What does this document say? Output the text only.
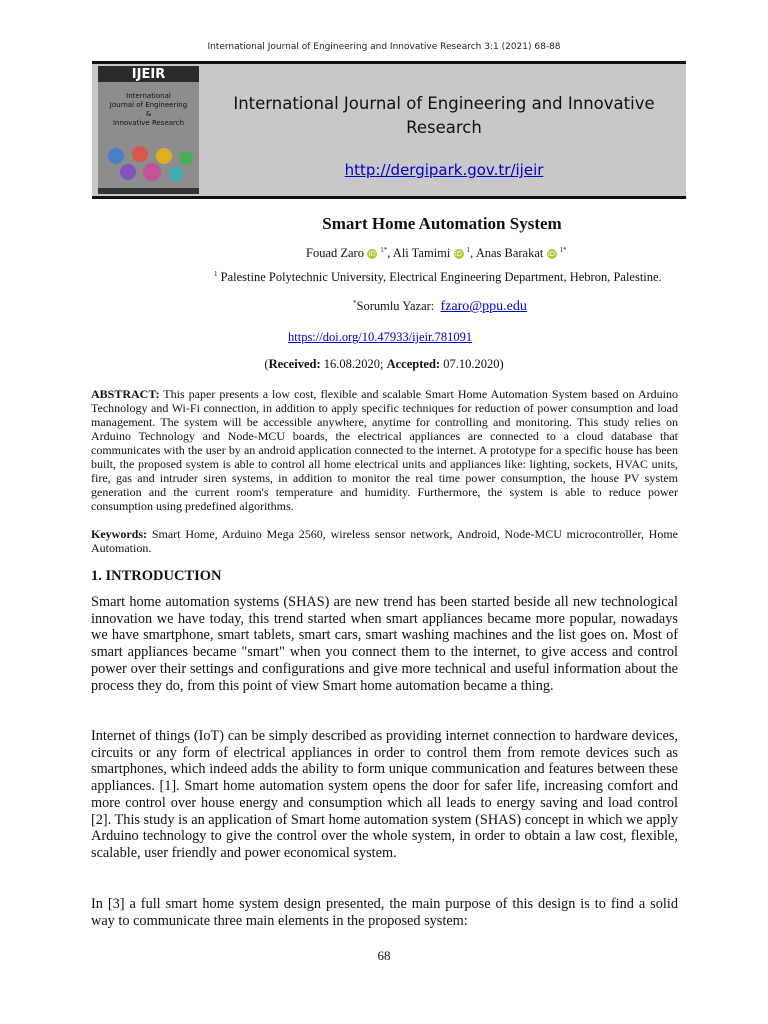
International Journal of Engineering and Innovative Research 3:1 (2021) 68-88
IJEIR
International
Journal of Engineering
&
Innovative Research
International Journal of Engineering and Innovative Research
http://dergipark.gov.tr/ijeir
Smart Home Automation System
Fouad Zaro iD $^{1*}$, Ali Tamimi iD $^1$, Anas Barakat iD $^{1*}$
$^1$ Palestine Polytechnic University, Electrical Engineering Department, Hebron, Palestine.
*Sorumlu Yazar: fzaro@ppu.edu
https://doi.org/10.47933/ijeir.781091
(Received: 16.08.2020; Accepted: 07.10.2020)
ABSTRACT: This paper presents a low cost, flexible and scalable Smart Home Automation System based on Arduino Technology and Wi-Fi connection, in addition to apply specific techniques for reduction of power consumption and load management. The system will be accessible anywhere, anytime for controlling and monitoring. This study relies on Arduino Technology and Node-MCU boards, the electrical appliances are connected to a cloud database that communicates with the user by an android application connected to the internet. A prototype for a specific house has been built, the proposed system is able to control all home electrical units and appliances like: lighting, sockets, HVAC units, fire, gas and intruder siren systems, in addition to monitor the real time power consumption, the house PV system generation and the current room's temperature and humidity. Furthermore, the system is able to reduce power consumption using predefined algorithms.
Keywords: Smart Home, Arduino Mega 2560, wireless sensor network, Android, Node-MCU microcontroller, Home Automation.
1. INTRODUCTION
Smart home automation systems (SHAS) are new trend has been started beside all new technological innovation we have today, this trend started when smart appliances became more popular, nowadays we have smartphone, smart tablets, smart cars, smart washing machines and the list goes on. Most of smart appliances became "smart" when you connect them to the internet, to give access and control power over their settings and configurations and give more technical and useful information about the process they do, from this point of view Smart home automation became a thing.
Internet of things (IoT) can be simply described as providing internet connection to hardware devices, circuits or any form of electrical appliances in order to control them from remote devices such as smartphones, which indeed adds the ability to form unique communication and features between these appliances. [1]. Smart home automation system opens the door for safer life, increasing comfort and more control over house energy and consumption which all leads to energy saving and load control [2]. This study is an application of Smart home automation system (SHAS) concept in which we apply Arduino technology to give the control over the whole system, in order to obtain a law cost, flexible, scalable, user friendly and power economical system.
In [3] a full smart home system design presented, the main purpose of this design is to find a solid way to communicate three main elements in the proposed system:
68
